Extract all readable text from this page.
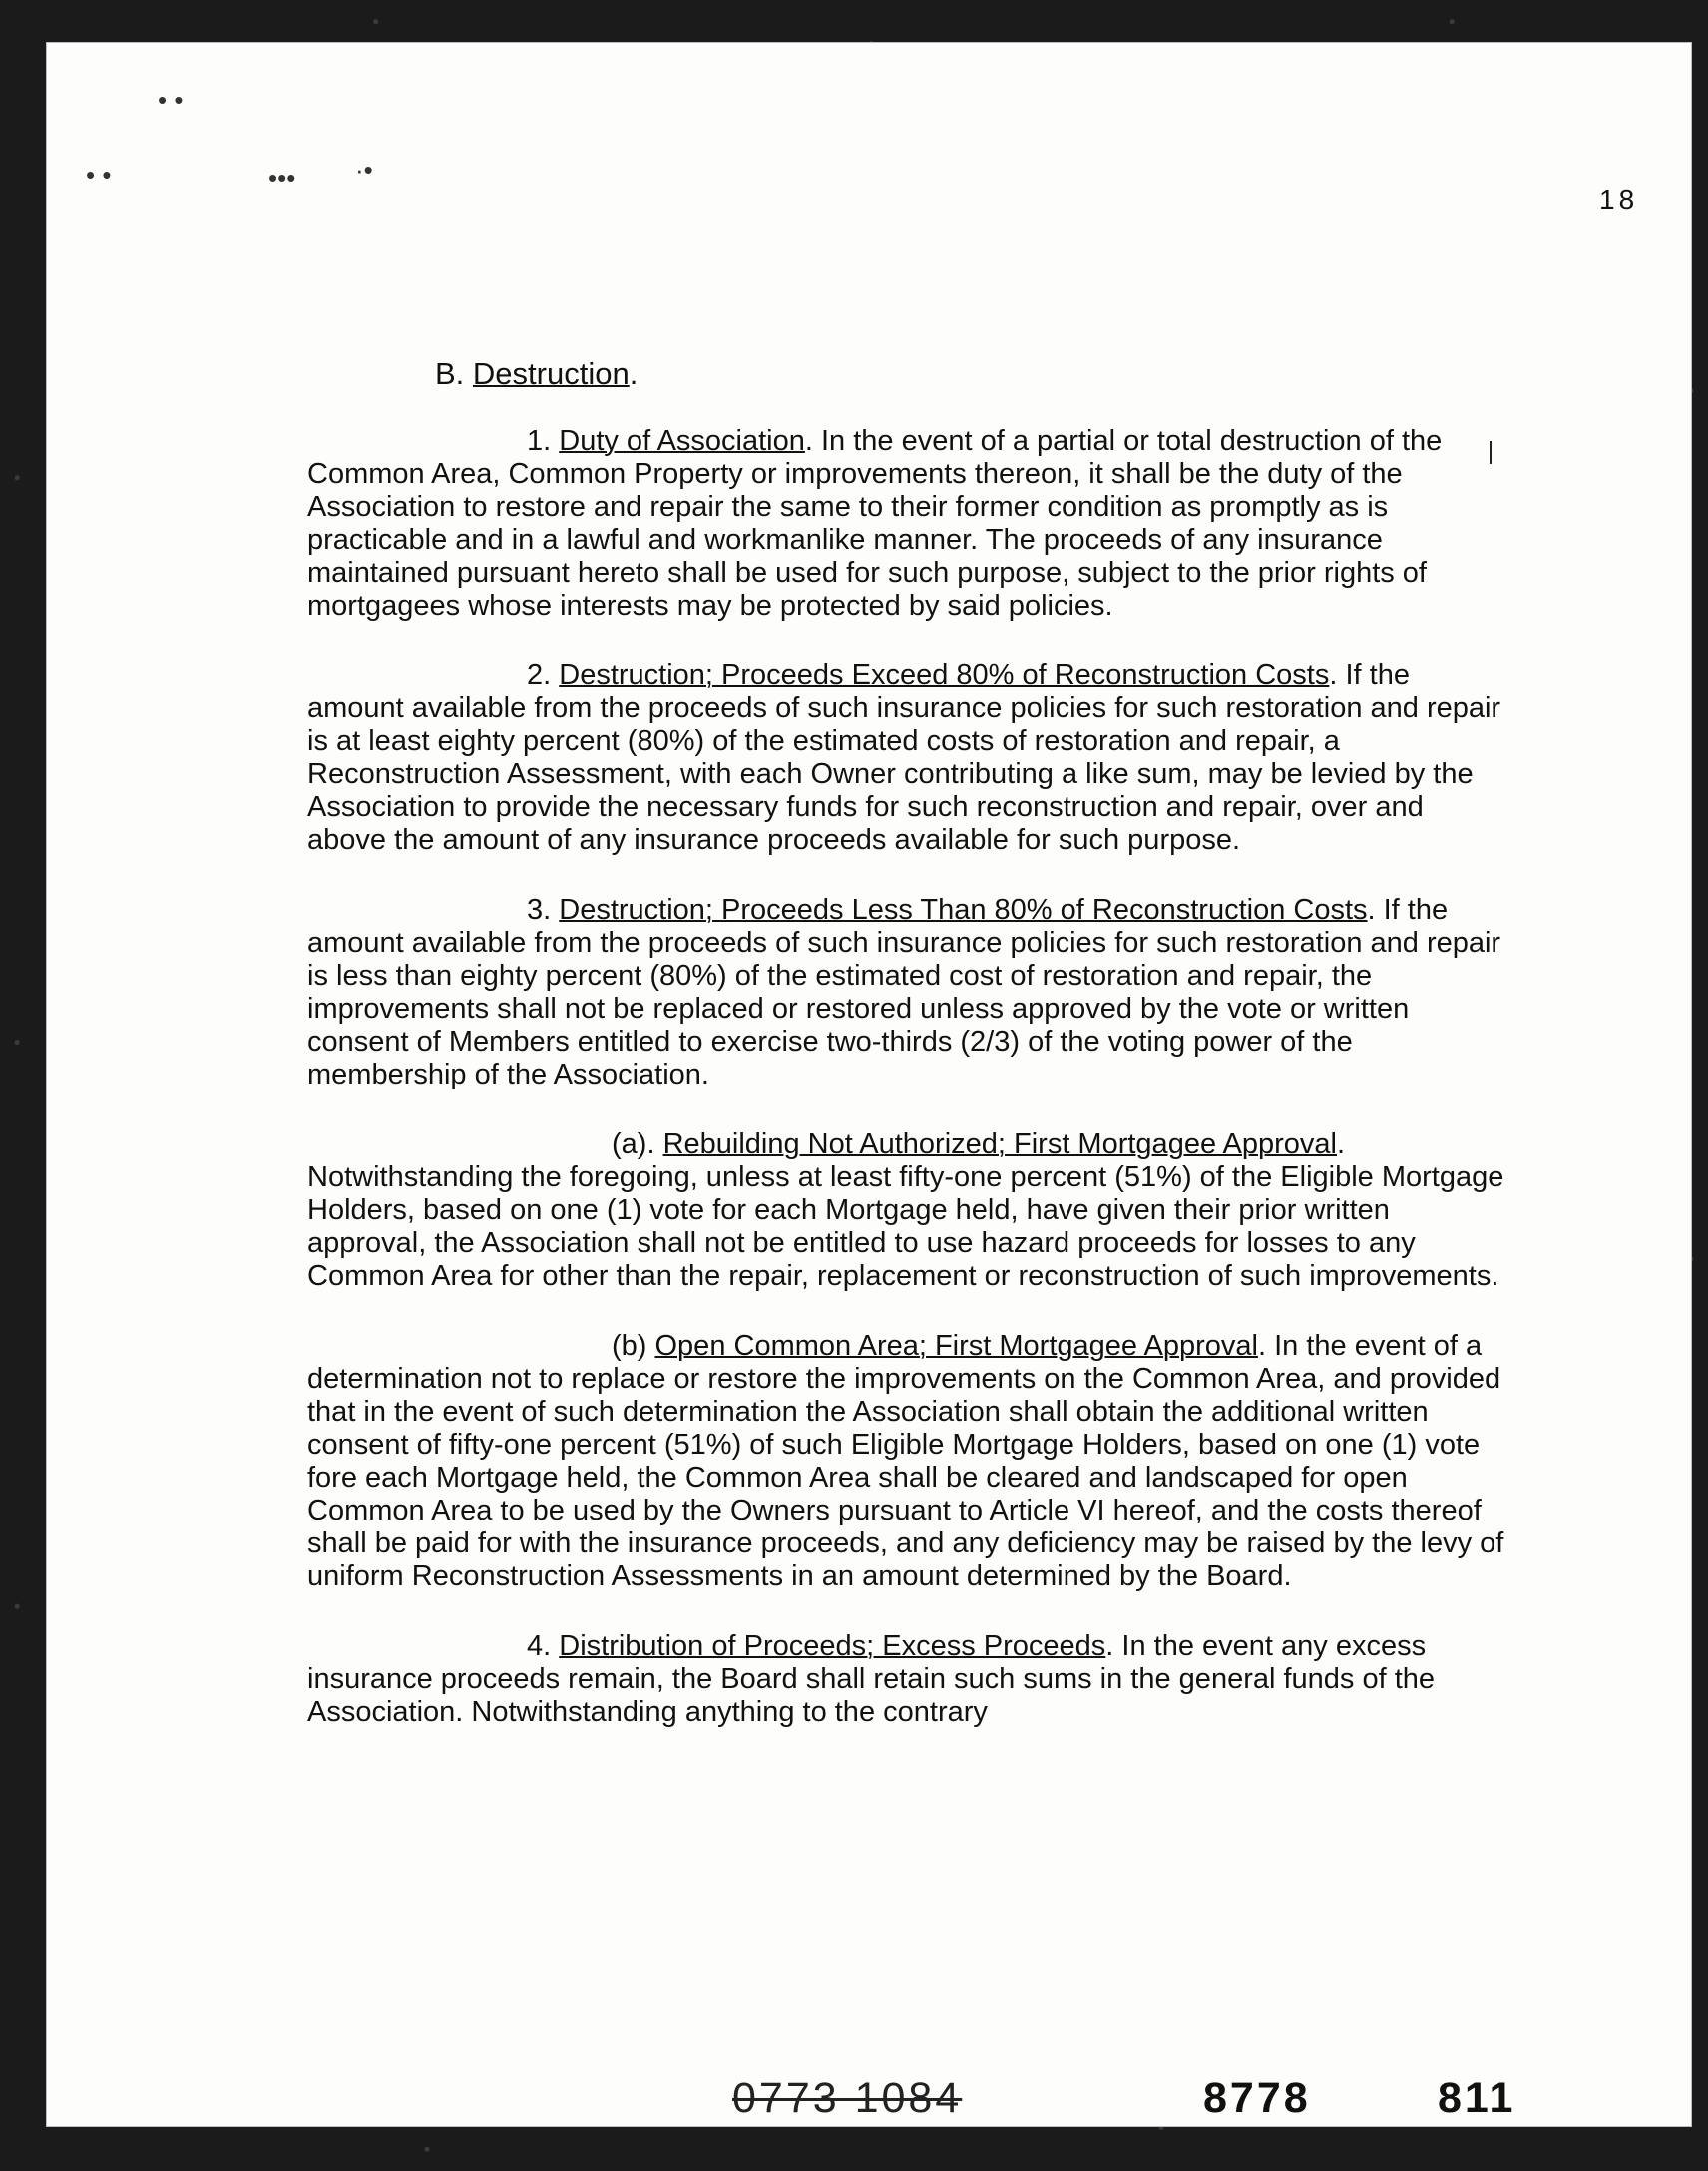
• •
• •	••• ·•
18
B. Destruction.

1. Duty of Association. In the event of a partial or total destruction of the Common Area, Common Property or improvements thereon, it shall be the duty of the Association to restore and repair the same to their former condition as promptly as is practicable and in a lawful and workmanlike manner. The proceeds of any insurance maintained pursuant hereto shall be used for such purpose, subject to the prior rights of mortgagees whose interests may be protected by said policies.

2. Destruction; Proceeds Exceed 80% of Reconstruction Costs. If the amount available from the proceeds of such insurance policies for such restoration and repair is at least eighty percent (80%) of the estimated costs of restoration and repair, a Reconstruction Assessment, with each Owner contributing a like sum, may be levied by the Association to provide the necessary funds for such reconstruction and repair, over and above the amount of any insurance proceeds available for such purpose.

3. Destruction; Proceeds Less Than 80% of Reconstruction Costs. If the amount available from the proceeds of such insurance policies for such restoration and repair is less than eighty percent (80%) of the estimated cost of restoration and repair, the improvements shall not be replaced or restored unless approved by the vote or written consent of Members entitled to exercise two-thirds (2/3) of the voting power of the membership of the Association.

(a). Rebuilding Not Authorized; First Mortgagee Approval. Notwithstanding the foregoing, unless at least fifty-one percent (51%) of the Eligible Mortgage Holders, based on one (1) vote for each Mortgage held, have given their prior written approval, the Association shall not be entitled to use hazard proceeds for losses to any Common Area for other than the repair, replacement or reconstruction of such improvements.

(b) Open Common Area; First Mortgagee Approval. In the event of a determination not to replace or restore the improvements on the Common Area, and provided that in the event of such determination the Association shall obtain the additional written consent of fifty-one percent (51%) of such Eligible Mortgage Holders, based on one (1) vote fore each Mortgage held, the Common Area shall be cleared and landscaped for open Common Area to be used by the Owners pursuant to Article VI hereof, and the costs thereof shall be paid for with the insurance proceeds, and any deficiency may be raised by the levy of uniform Reconstruction Assessments in an amount determined by the Board.

4. Distribution of Proceeds; Excess Proceeds. In the event any excess insurance proceeds remain, the Board shall retain such sums in the general funds of the Association. Notwithstanding anything to the contrary

0773 1084	8778	811
